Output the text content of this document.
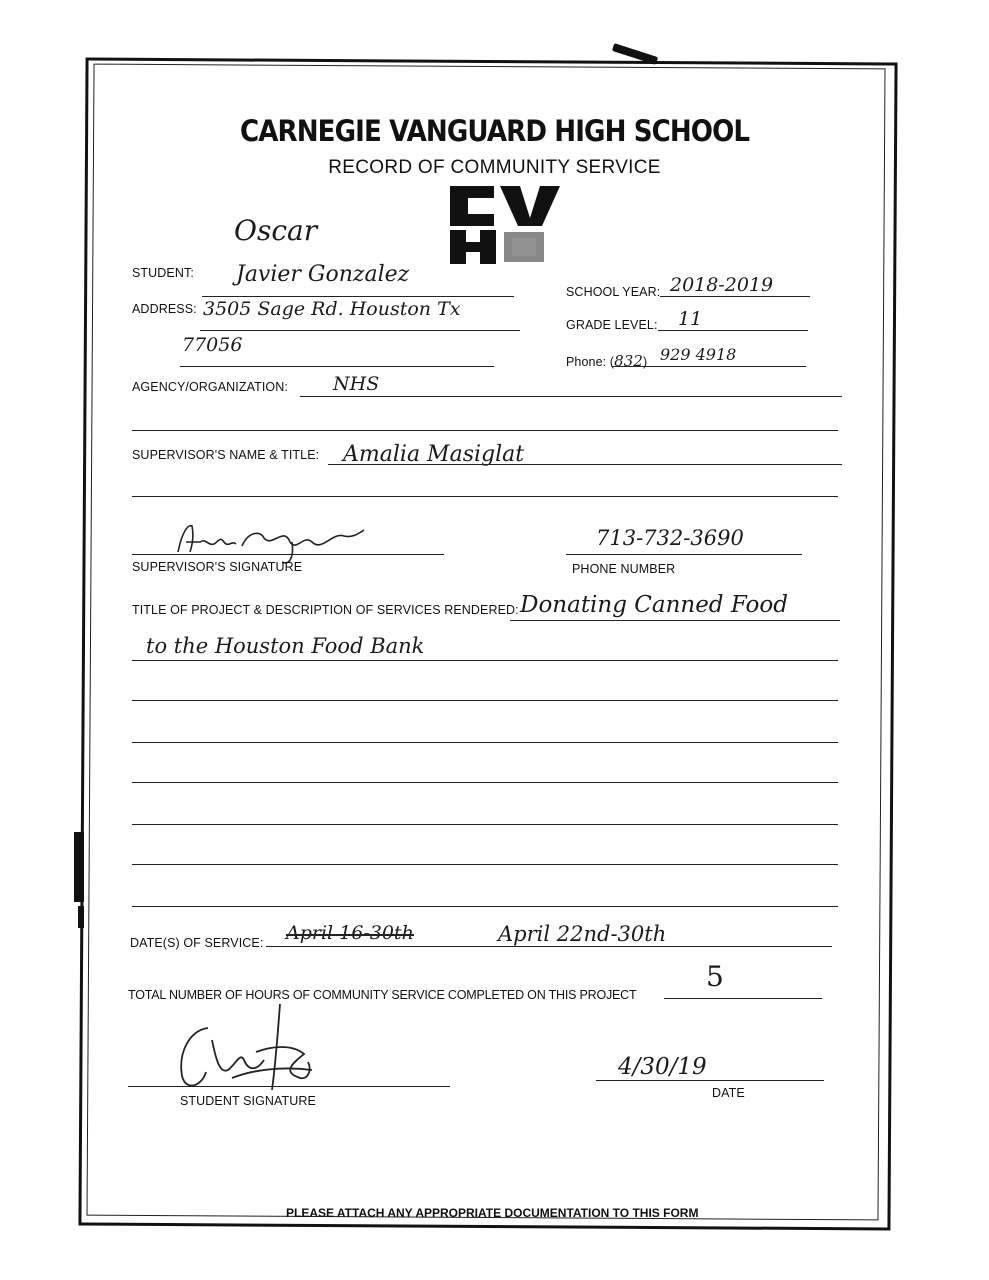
CARNEGIE VANGUARD HIGH SCHOOL
RECORD OF COMMUNITY SERVICE
Oscar
STUDENT: Javier Gonzalez
SCHOOL YEAR: 2018-2019
ADDRESS: 3505 Sage Rd. Houston Tx
77056
GRADE LEVEL: 11
Phone: (832) 929 4918
AGENCY/ORGANIZATION: NHS
SUPERVISOR'S NAME & TITLE: Amalia Masiglat
SUPERVISOR'S SIGNATURE
713-732-3690
PHONE NUMBER
TITLE OF PROJECT & DESCRIPTION OF SERVICES RENDERED: Donating Canned Food
to the Houston Food Bank
DATE(S) OF SERVICE: April 16-30th	April 22nd-30th
TOTAL NUMBER OF HOURS OF COMMUNITY SERVICE COMPLETED ON THIS PROJECT
5
STUDENT SIGNATURE
4/30/19
DATE
PLEASE ATTACH ANY APPROPRIATE DOCUMENTATION TO THIS FORM
